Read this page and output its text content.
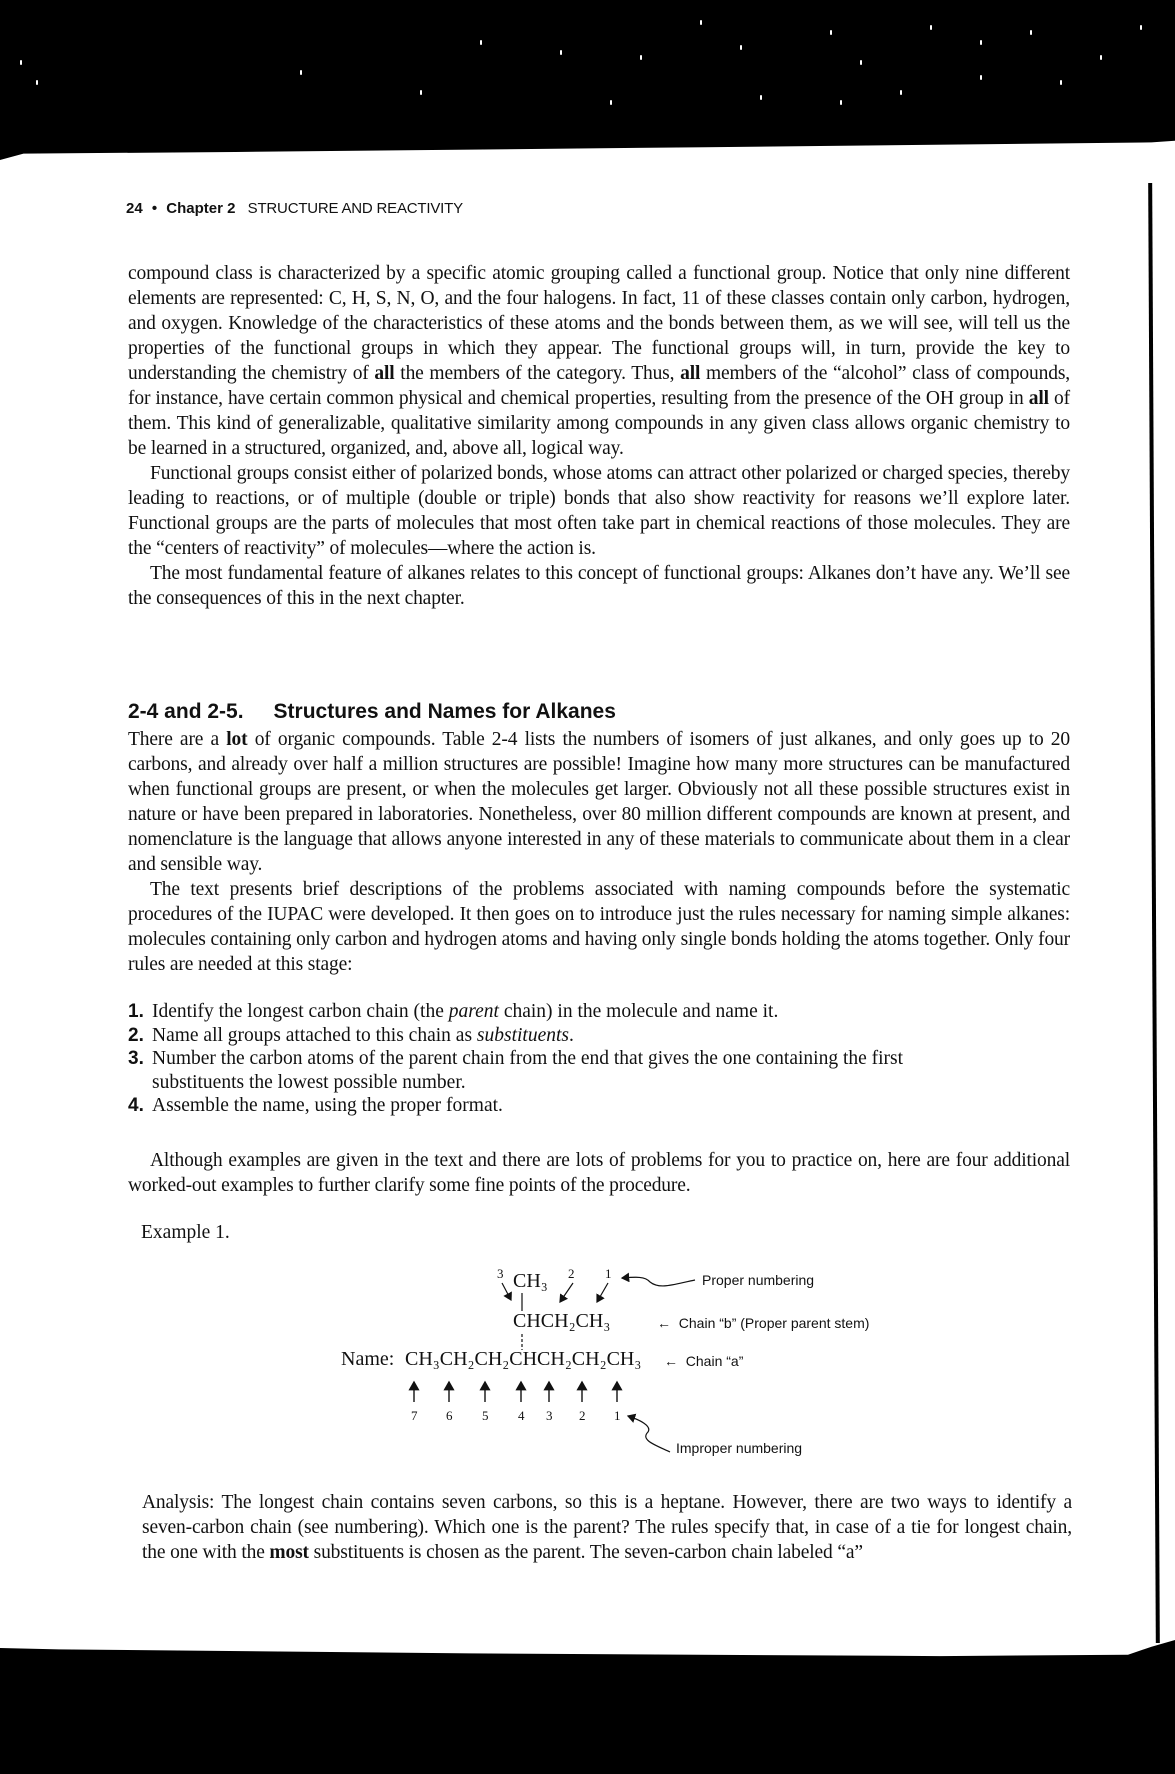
24 • Chapter 2 STRUCTURE AND REACTIVITY

compound class is characterized by a specific atomic grouping called a functional group. Notice that only nine different elements are represented: C, H, S, N, O, and the four halogens. In fact, 11 of these classes contain only carbon, hydrogen, and oxygen. Knowledge of the characteristics of these atoms and the bonds between them, as we will see, will tell us the properties of the functional groups in which they appear. The functional groups will, in turn, provide the key to understanding the chemistry of all the members of the category. Thus, all members of the “alcohol” class of compounds, for instance, have certain common physical and chemical properties, resulting from the presence of the OH group in all of them. This kind of generalizable, qualitative similarity among compounds in any given class allows organic chemistry to be learned in a structured, organized, and, above all, logical way.

Functional groups consist either of polarized bonds, whose atoms can attract other polarized or charged species, thereby leading to reactions, or of multiple (double or triple) bonds that also show reactivity for reasons we’ll explore later. Functional groups are the parts of molecules that most often take part in chemical reactions of those molecules. They are the “centers of reactivity” of molecules—where the action is.

The most fundamental feature of alkanes relates to this concept of functional groups: Alkanes don’t have any. We’ll see the consequences of this in the next chapter.

2-4 and 2-5. Structures and Names for Alkanes

There are a lot of organic compounds. Table 2-4 lists the numbers of isomers of just alkanes, and only goes up to 20 carbons, and already over half a million structures are possible! Imagine how many more structures can be manufactured when functional groups are present, or when the molecules get larger. Obviously not all these possible structures exist in nature or have been prepared in laboratories. Nonetheless, over 80 million different compounds are known at present, and nomenclature is the language that allows anyone interested in any of these materials to communicate about them in a clear and sensible way.

The text presents brief descriptions of the problems associated with naming compounds before the systematic procedures of the IUPAC were developed. It then goes on to introduce just the rules necessary for naming simple alkanes: molecules containing only carbon and hydrogen atoms and having only single bonds holding the atoms together. Only four rules are needed at this stage:

1. Identify the longest carbon chain (the parent chain) in the molecule and name it.
2. Name all groups attached to this chain as substituents.
3. Number the carbon atoms of the parent chain from the end that gives the one containing the first substituents the lowest possible number.
4. Assemble the name, using the proper format.

Although examples are given in the text and there are lots of problems for you to practice on, here are four additional worked-out examples to further clarify some fine points of the procedure.

Example 1.
3 CH₃ 2 1	Proper numbering
CHCH₂CH₃	←  Chain “b” (Proper parent stem)
Name: CH₃CH₂CH₂CHCH₂CH₂CH₃ ←  Chain “a”
7 6 5 4 3 2 1
Improper numbering

Analysis: The longest chain contains seven carbons, so this is a heptane. However, there are two ways to identify a seven-carbon chain (see numbering). Which one is the parent? The rules specify that, in case of a tie for longest chain, the one with the most substituents is chosen as the parent. The seven-carbon chain labeled “a”
